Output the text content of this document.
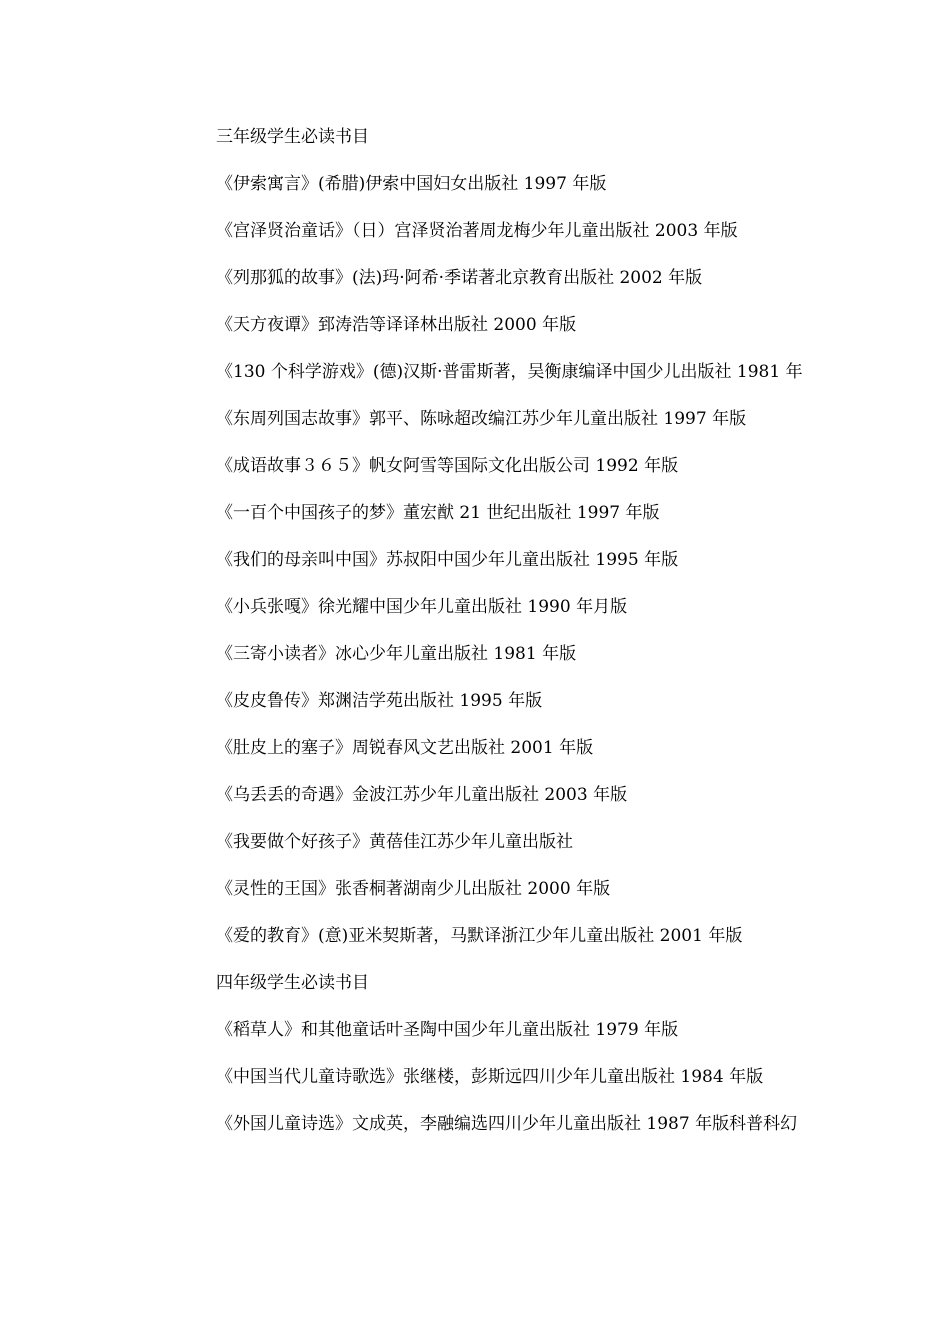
三年级学生必读书目

《伊索寓言》(希腊)伊索中国妇女出版社 1997 年版

《宫泽贤治童话》（日）宫泽贤治著周龙梅少年儿童出版社 2003 年版

《列那狐的故事》(法)玛·阿希·季诺著北京教育出版社 2002 年版

《天方夜谭》郅涛浩等译译林出版社 2000 年版

《130 个科学游戏》(德)汉斯·普雷斯著，吴衡康编译中国少儿出版社 1981 年

《东周列国志故事》郭平、陈咏超改编江苏少年儿童出版社 1997 年版

《成语故事３６５》帆女阿雪等国际文化出版公司 1992 年版

《一百个中国孩子的梦》董宏猷 21 世纪出版社 1997 年版

《我们的母亲叫中国》苏叔阳中国少年儿童出版社 1995 年版

《小兵张嘎》徐光耀中国少年儿童出版社 1990 年月版

《三寄小读者》冰心少年儿童出版社 1981 年版

《皮皮鲁传》郑渊洁学苑出版社 1995 年版

《肚皮上的塞子》周锐春风文艺出版社 2001 年版

《乌丢丢的奇遇》金波江苏少年儿童出版社 2003 年版

《我要做个好孩子》黄蓓佳江苏少年儿童出版社

《灵性的王国》张香桐著湖南少儿出版社 2000 年版

《爱的教育》(意)亚米契斯著，马默译浙江少年儿童出版社 2001 年版

四年级学生必读书目

《稻草人》和其他童话叶圣陶中国少年儿童出版社 1979 年版

《中国当代儿童诗歌选》张继楼，彭斯远四川少年儿童出版社 1984 年版

《外国儿童诗选》文成英，李融编选四川少年儿童出版社 1987 年版科普科幻
